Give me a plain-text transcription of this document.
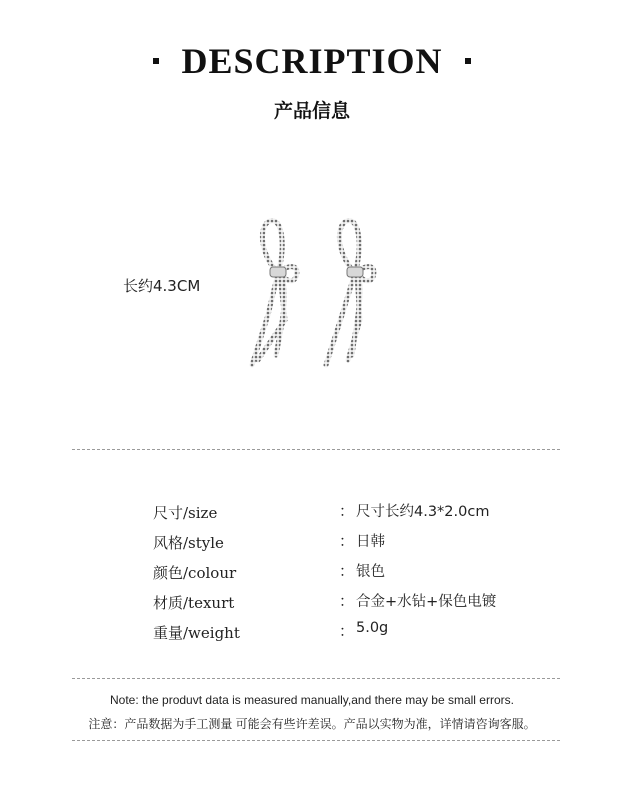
DESCRIPTION
产品信息
长约4.3CM
尺寸/size	： 尺寸长约4.3*2.0cm
风格/style	： 日韩
颜色/colour	： 银色
材质/texurt	： 合金+水钻+保色电镀
重量/weight	： 5.0g
Note: the produvt data is measured manually,and there may be small errors.
注意：产品数据为手工测量 可能会有些许差误。产品以实物为准，详情请咨询客服。
